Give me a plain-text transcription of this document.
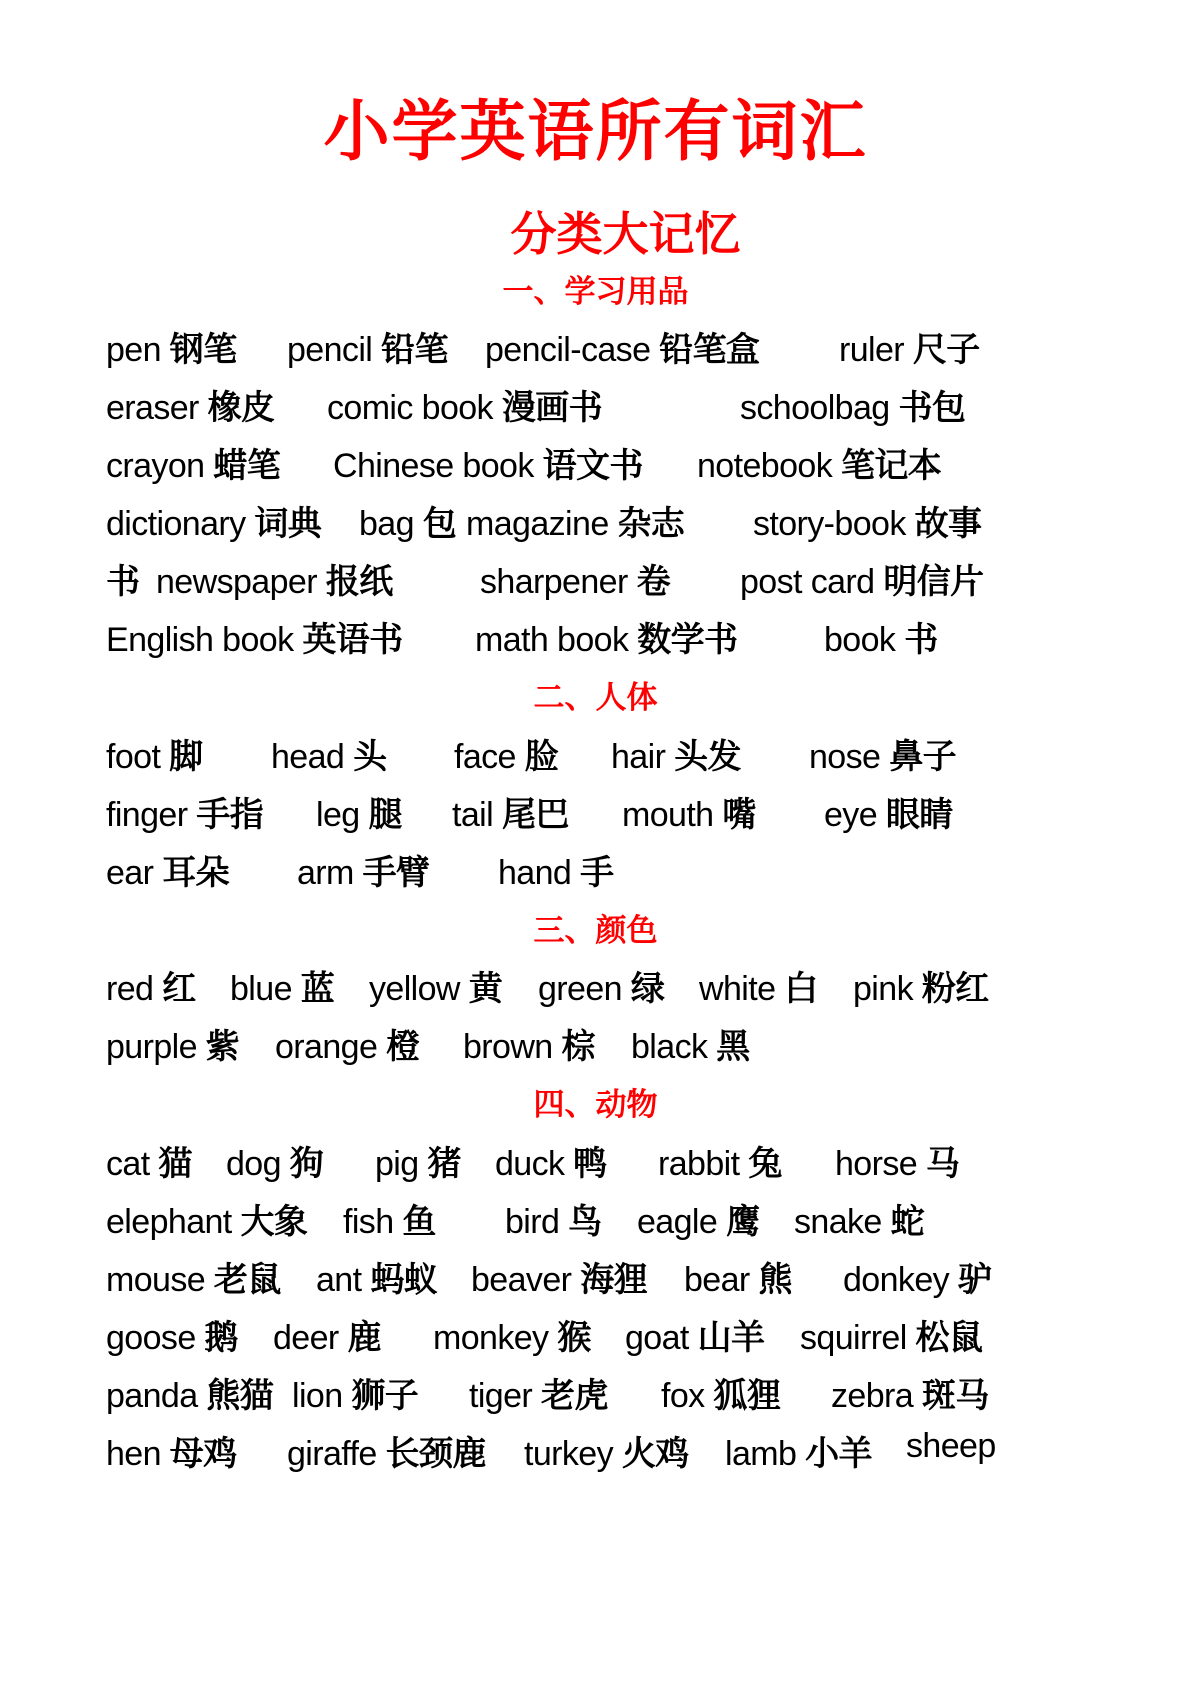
小学英语所有词汇
分类大记忆
一、学习用品
pen 钢笔 pencil 铅笔 pencil-case 铅笔盒 ruler 尺子
eraser 橡皮 comic book 漫画书	schoolbag 书包
crayon 蜡笔 Chinese book 语文书 notebook 笔记本
dictionary 词典 bag 包 magazine 杂志 story-book 故事
书 newspaper 报纸	sharpener 卷 post card 明信片
English book 英语书 math book 数学书	book 书
二、人体
foot 脚 head 头 face 脸 hair 头发 nose 鼻子
finger 手指 leg 腿 tail 尾巴 mouth 嘴 eye 眼睛
ear 耳朵 arm 手臂 hand 手
三、颜色
red 红 blue 蓝 yellow 黄 green 绿 white 白 pink 粉红
purple 紫 orange 橙 brown 棕 black 黑
四、动物
cat 猫 dog 狗 pig 猪 duck 鸭 rabbit 兔 horse 马
elephant 大象 fish 鱼 bird 鸟 eagle 鹰 snake 蛇
mouse 老鼠 ant 蚂蚁 beaver 海狸 bear 熊 donkey 驴
goose 鹅 deer 鹿 monkey 猴 goat 山羊 squirrel 松鼠
panda 熊猫 lion 狮子 tiger 老虎 fox 狐狸 zebra 斑马
hen 母鸡 giraffe 长颈鹿 turkey 火鸡 lamb 小羊 sheep
